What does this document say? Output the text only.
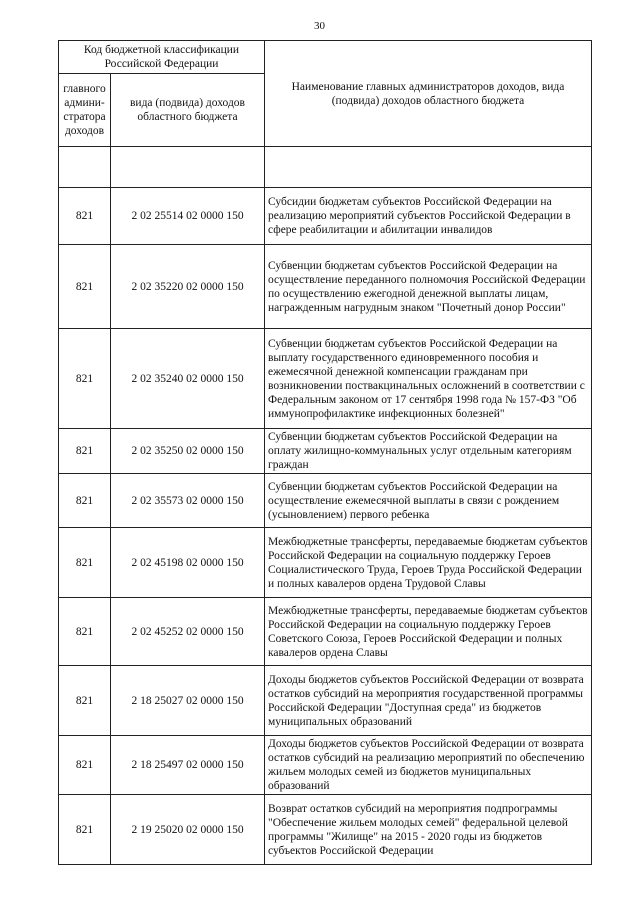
30
Код бюджетной классификации Российской Федерации		Наименование главных администраторов доходов, вида (подвида) доходов областного бюджета
главного админи-стратора доходов	вида (подвида) доходов областного бюджета	

821	2 02 25514 02 0000 150	Субсидии бюджетам субъектов Российской Федерации на реализацию мероприятий субъектов Российской Федерации в сфере реабилитации и абилитации инвалидов
821	2 02 35220 02 0000 150	Субвенции бюджетам субъектов Российской Федерации на осуществление переданного полномочия Российской Федерации по осуществлению ежегодной денежной выплаты лицам, награжденным нагрудным знаком "Почетный донор России"
821	2 02 35240 02 0000 150	Субвенции бюджетам субъектов Российской Федерации на выплату государственного единовременного пособия и ежемесячной денежной компенсации гражданам при возникновении поствакцинальных осложнений в соответствии с Федеральным законом от 17 сентября 1998 года № 157-ФЗ "Об иммунопрофилактике инфекционных болезней"
821	2 02 35250 02 0000 150	Субвенции бюджетам субъектов Российской Федерации на оплату жилищно-коммунальных услуг отдельным категориям граждан
821	2 02 35573 02 0000 150	Субвенции бюджетам субъектов Российской Федерации на осуществление ежемесячной выплаты в связи с рождением (усыновлением) первого ребенка
821	2 02 45198 02 0000 150	Межбюджетные трансферты, передаваемые бюджетам субъектов Российской Федерации на социальную поддержку Героев Социалистического Труда, Героев Труда Российской Федерации и полных кавалеров ордена Трудовой Славы
821	2 02 45252 02 0000 150	Межбюджетные трансферты, передаваемые бюджетам субъектов Российской Федерации на социальную поддержку Героев Советского Союза, Героев Российской Федерации и полных кавалеров ордена Славы
821	2 18 25027 02 0000 150	Доходы бюджетов субъектов Российской Федерации от возврата остатков субсидий на мероприятия государственной программы Российской Федерации "Доступная среда" из бюджетов муниципальных образований
821	2 18 25497 02 0000 150	Доходы бюджетов субъектов Российской Федерации от возврата остатков субсидий на реализацию мероприятий по обеспечению жильем молодых семей из бюджетов муниципальных образований
821	2 19 25020 02 0000 150	Возврат остатков субсидий на мероприятия подпрограммы "Обеспечение жильем молодых семей" федеральной целевой программы "Жилище" на 2015 - 2020 годы из бюджетов субъектов Российской Федерации
